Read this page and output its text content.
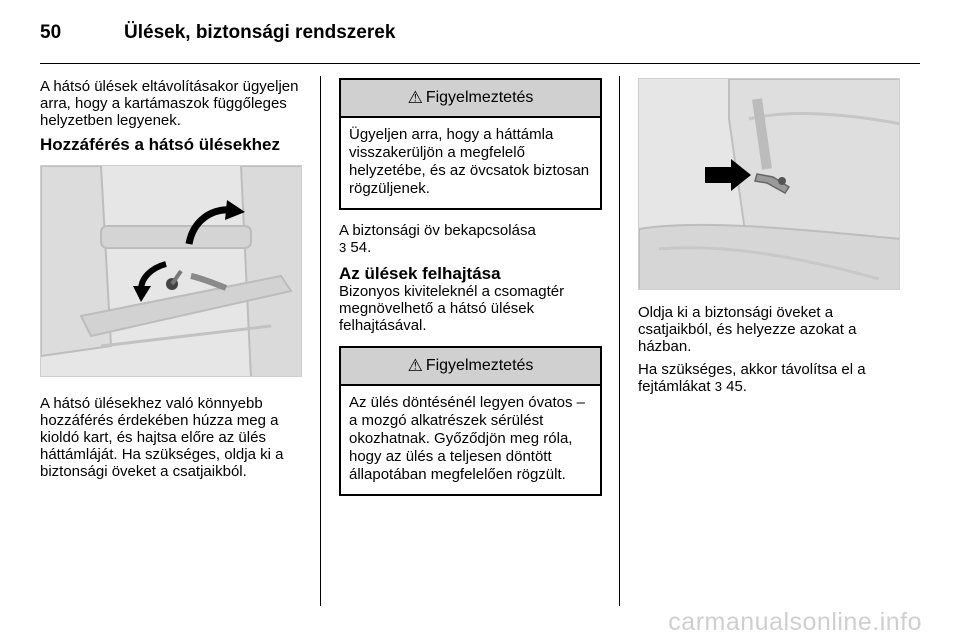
50	Ülések, biztonsági rendszerek

A hátsó ülések eltávolításakor ügyeljen arra, hogy a kartámaszok függőleges helyzetben legyenek.

Hozzáférés a hátsó ülésekhez

A hátsó ülésekhez való könnyebb hozzáférés érdekében húzza meg a kioldó kart, és hajtsa előre az ülés háttámláját. Ha szükséges, oldja ki a biztonsági öveket a csatjaikból.

⚠ Figyelmeztetés
Ügyeljen arra, hogy a háttámla visszakerüljön a megfelelő helyzetébe, és az övcsatok biztosan rögzüljenek.

A biztonsági öv bekapcsolása
3 54.

Az ülések felhajtása

Bizonyos kiviteleknél a csomagtér megnövelhető a hátsó ülések felhajtásával.

⚠ Figyelmeztetés
Az ülés döntésénél legyen óvatos – a mozgó alkatrészek sérülést okozhatnak. Győződjön meg róla, hogy az ülés a teljesen döntött állapotában megfelelően rögzült.

Oldja ki a biztonsági öveket a csatjaikból, és helyezze azokat a házban.

Ha szükséges, akkor távolítsa el a fejtámlákat 3 45.

carmanualsonline.info
